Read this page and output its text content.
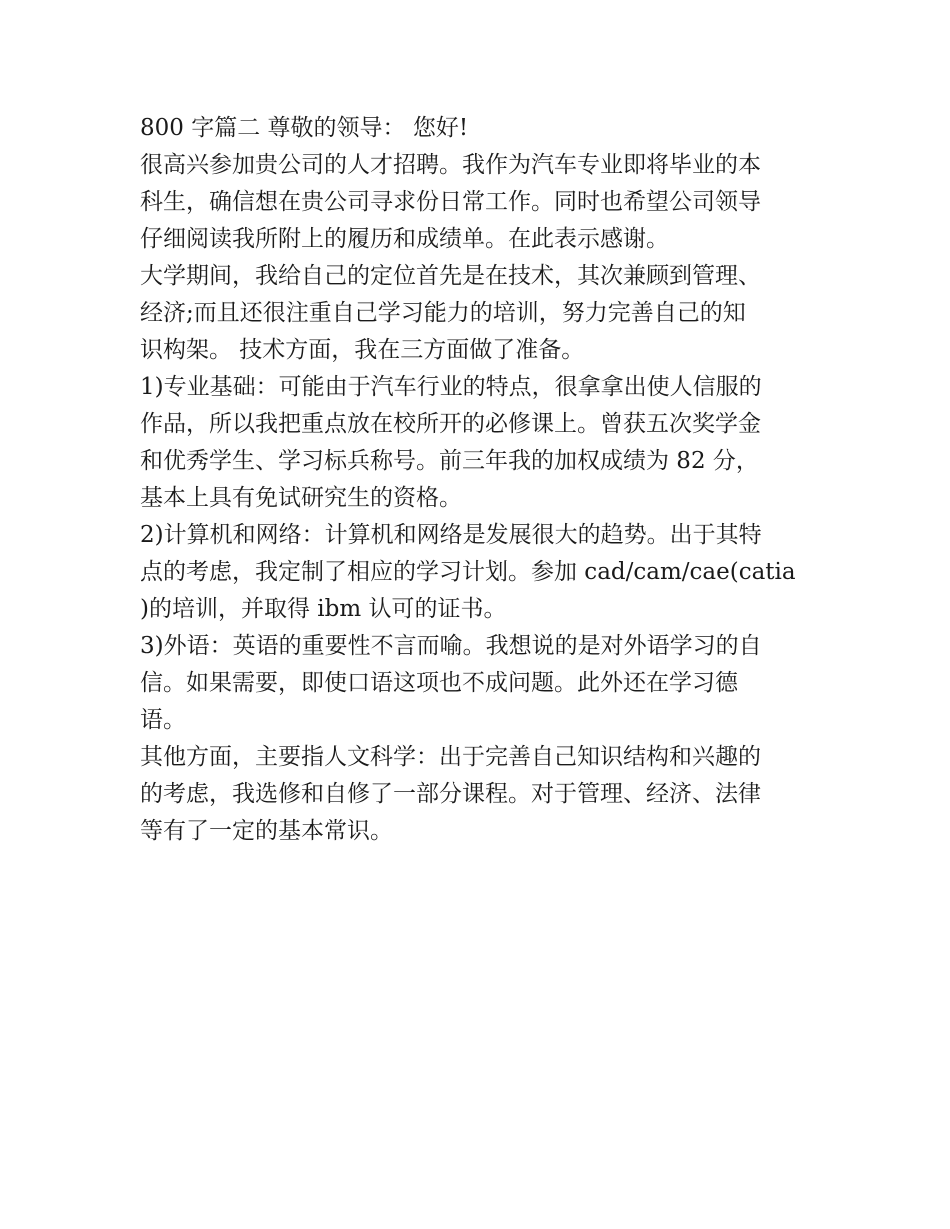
800 字篇二 尊敬的领导： 您好!
很高兴参加贵公司的人才招聘。我作为汽车专业即将毕业的本
科生，确信想在贵公司寻求份日常工作。同时也希望公司领导
仔细阅读我所附上的履历和成绩单。在此表示感谢。
大学期间，我给自己的定位首先是在技术，其次兼顾到管理、
经济;而且还很注重自己学习能力的培训，努力完善自己的知
识构架。 技术方面，我在三方面做了准备。
1)专业基础：可能由于汽车行业的特点，很拿拿出使人信服的
作品，所以我把重点放在校所开的必修课上。曾获五次奖学金
和优秀学生、学习标兵称号。前三年我的加权成绩为 82 分，
基本上具有免试研究生的资格。
2)计算机和网络：计算机和网络是发展很大的趋势。出于其特
点的考虑，我定制了相应的学习计划。参加 cad/cam/cae(catia
)的培训，并取得 ibm 认可的证书。
3)外语：英语的重要性不言而喻。我想说的是对外语学习的自
信。如果需要，即使口语这项也不成问题。此外还在学习德
语。
其他方面，主要指人文科学：出于完善自己知识结构和兴趣的
的考虑，我选修和自修了一部分课程。对于管理、经济、法律
等有了一定的基本常识。
